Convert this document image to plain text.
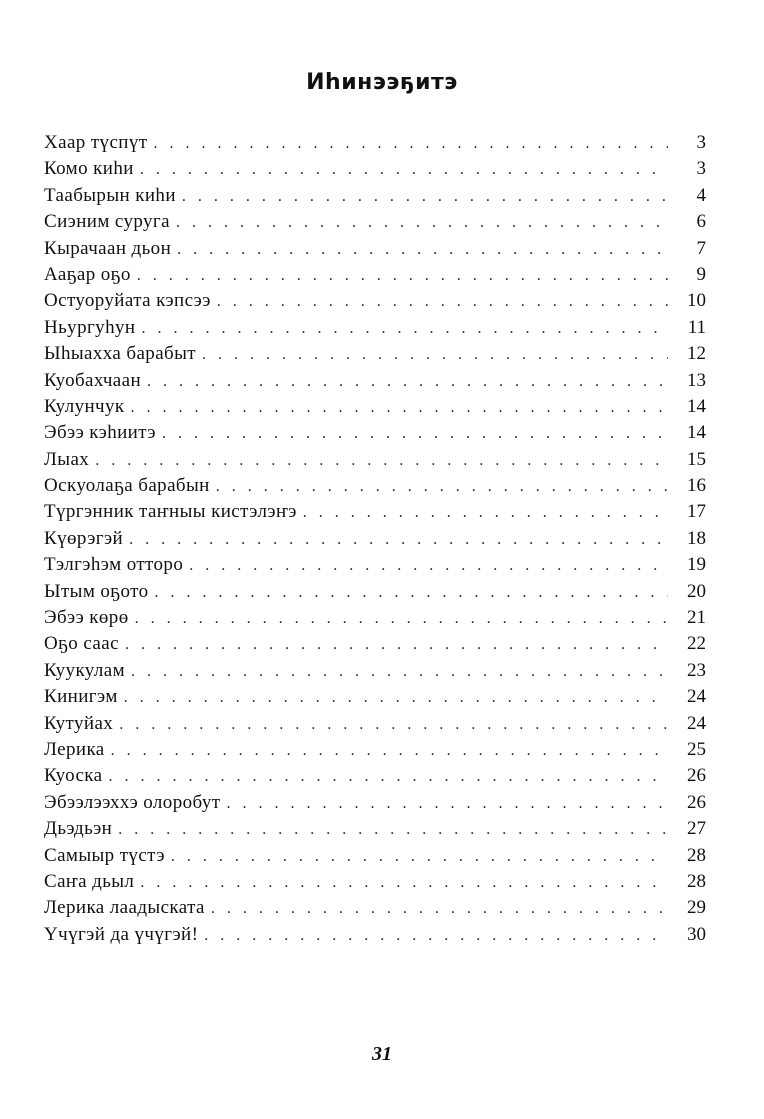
Иһинээҕитэ
Хаар түспүт . . .	3
Комо киһи . . .	3
Таабырын киһи . . .	4
Сиэним суруга . . .	6
Кырачаан дьон . . .	7
Ааҕар оҕо . . .	9
Остуоруйата кэпсээ . . .	10
Ньургуһун . . .	11
Ыһыахха барабыт . . .	12
Куобахчаан . . .	13
Кулунчук . . .	14
Эбээ кэһиитэ . . .	14
Лыах . . .	15
Оскуолаҕа барабын . . .	16
Түргэнник таҥныы кистэлэҥэ . . .	17
Күөрэгэй . . .	18
Тэлгэһэм отторо . . .	19
Ытым оҕото . . .	20
Эбээ көрө . . .	21
Оҕо саас . . .	22
Куукулам . . .	23
Кинигэм . . .	24
Кутуйах . . .	24
Лерика . . .	25
Куоска . . .	26
Эбээлээххэ олоробут . . .	26
Дьэдьэн . . .	27
Самыыр түстэ . . .	28
Саҥа дьыл . . .	28
Лерика лаадыската . . .	29
Үчүгэй да үчүгэй! . . .	30
31
